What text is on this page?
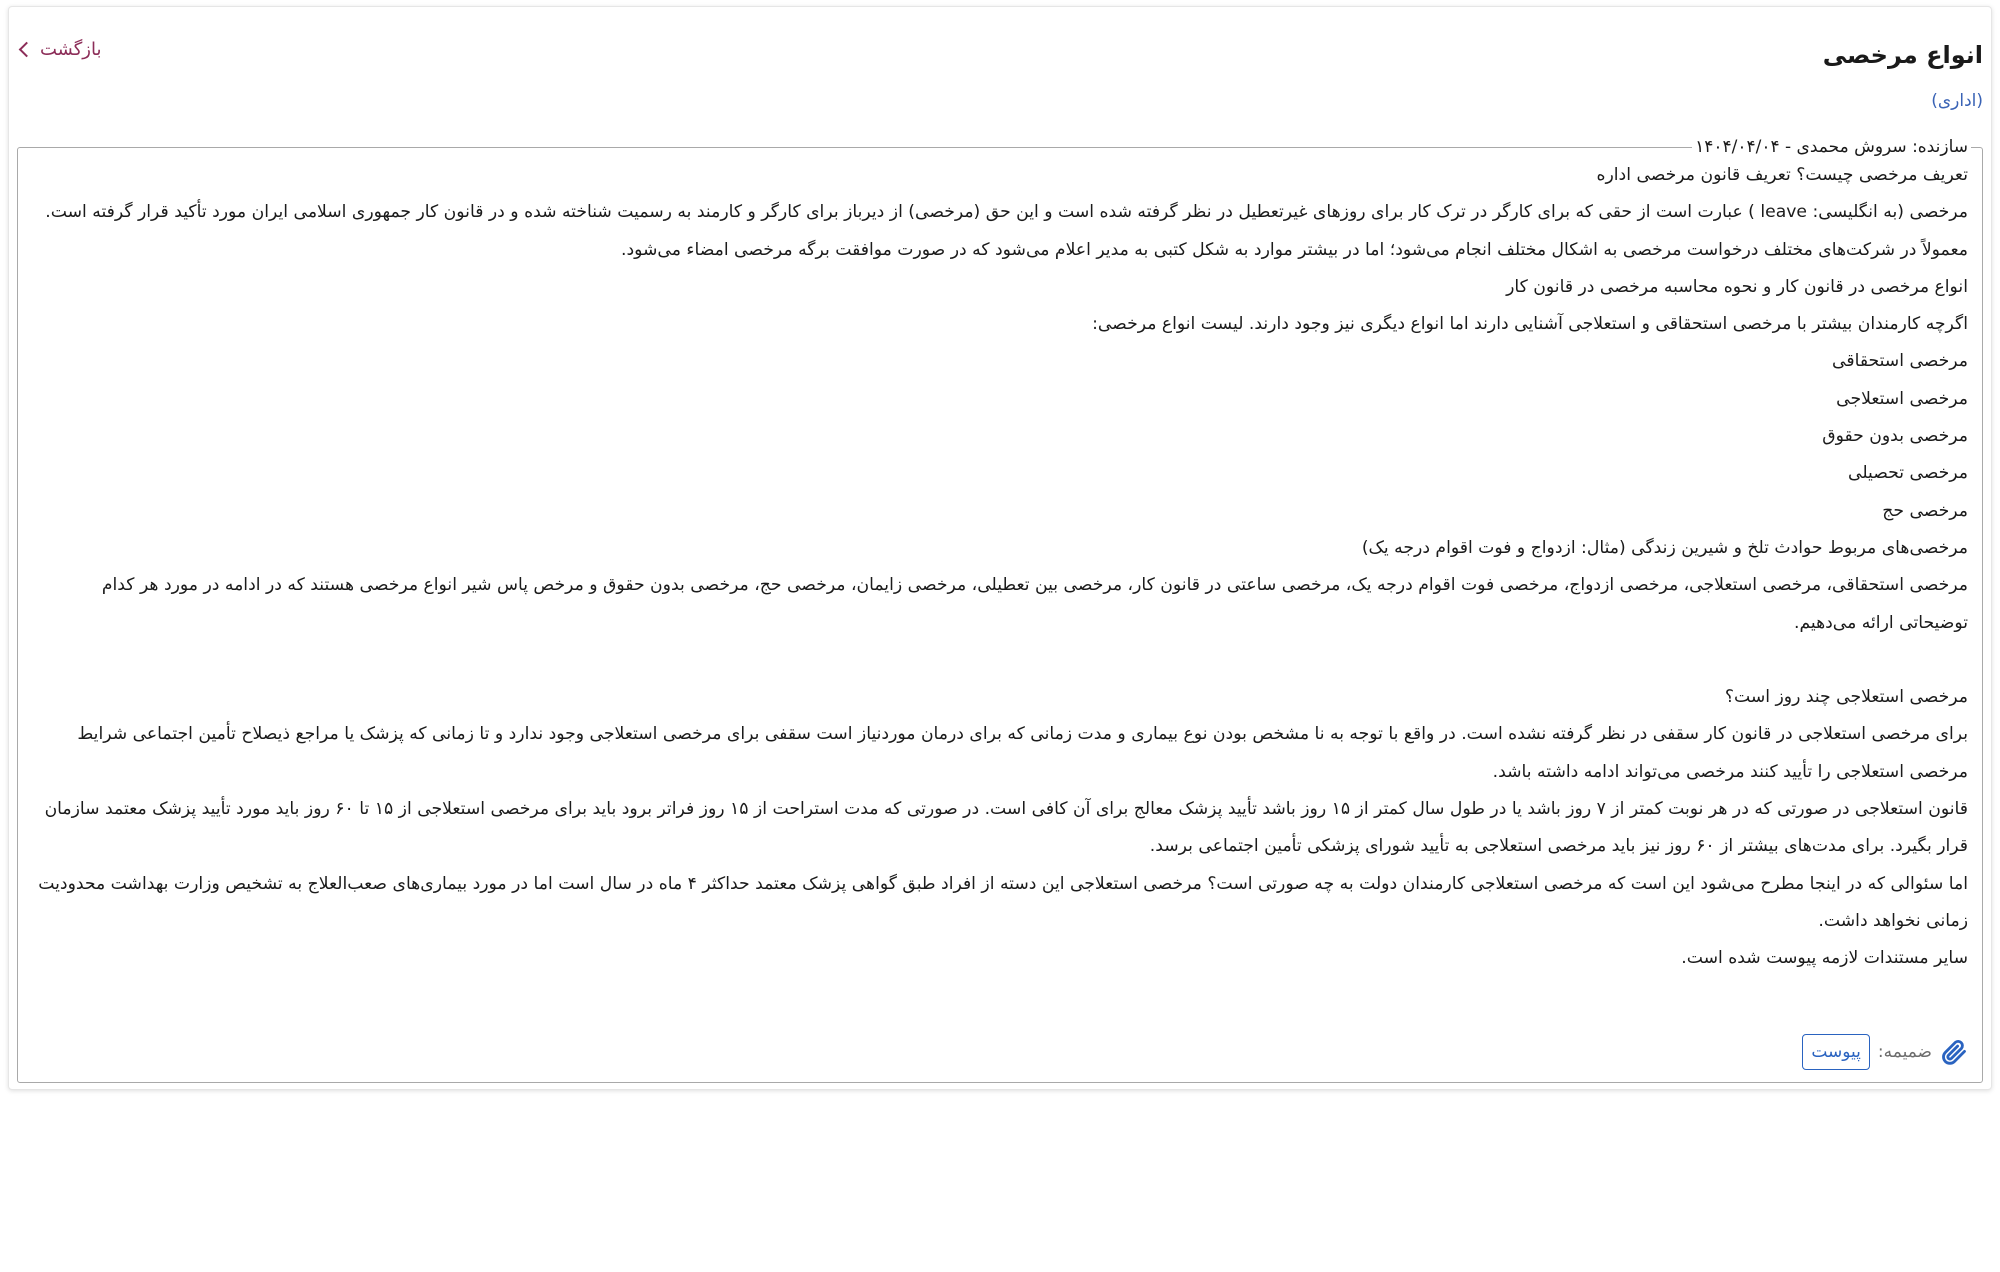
انواع مرخصی
(اداری)
بازگشت
سازنده: سروش محمدی - ۱۴۰۴/۰۴/۰۴

تعریف مرخصی چیست؟ تعریف قانون مرخصی اداره

مرخصی (به انگلیسی: leave ) عبارت است از حقی که برای کارگر در ترک کار برای روزهای غیرتعطیل در نظر گرفته شده است و این حق (مرخصی) از دیرباز برای کارگر و کارمند به رسمیت شناخته شده و در قانون کار جمهوری اسلامی ایران مورد تأکید قرار گرفته است.

معمولاً در شرکت‌های مختلف درخواست مرخصی به اشکال مختلف انجام می‌شود؛ اما در بیشتر موارد به شکل کتبی به مدیر اعلام می‌شود که در صورت موافقت برگه مرخصی امضاء می‌شود.

انواع مرخصی در قانون کار و نحوه محاسبه مرخصی در قانون کار

اگرچه کارمندان بیشتر با مرخصی استحقاقی و استعلاجی آشنایی دارند اما انواع دیگری نیز وجود دارند. لیست انواع مرخصی:

مرخصی استحقاقی

مرخصی استعلاجی

مرخصی بدون حقوق

مرخصی تحصیلی

مرخصی حج

مرخصی‌های مربوط حوادث تلخ و شیرین زندگی (مثال: ازدواج و فوت اقوام درجه یک)

مرخصی استحقاقی، مرخصی استعلاجی، مرخصی ازدواج، مرخصی فوت اقوام درجه یک، مرخصی ساعتی در قانون کار، مرخصی بین تعطیلی، مرخصی زایمان، مرخصی حج، مرخصی بدون حقوق و مرخص پاس شیر انواع مرخصی هستند که در ادامه در مورد هر کدام توضیحاتی ارائه می‌دهیم.

مرخصی استعلاجی چند روز است؟

برای مرخصی استعلاجی در قانون کار سقفی در نظر گرفته نشده است. در واقع با توجه به نا مشخص بودن نوع بیماری و مدت زمانی که برای درمان موردنیاز است سقفی برای مرخصی استعلاجی وجود ندارد و تا زمانی که پزشک یا مراجع ذیصلاح تأمین اجتماعی شرایط مرخصی استعلاجی را تأیید کنند مرخصی می‌تواند ادامه داشته باشد.

قانون استعلاجی در صورتی که در هر نوبت کمتر از ۷ روز باشد یا در طول سال کمتر از ۱۵ روز باشد تأیید پزشک معالج برای آن کافی است. در صورتی که مدت استراحت از ۱۵ روز فراتر برود باید برای مرخصی استعلاجی از ۱۵ تا ۶۰ روز باید مورد تأیید پزشک معتمد سازمان قرار بگیرد. برای مدت‌های بیشتر از ۶۰ روز نیز باید مرخصی استعلاجی به تأیید شورای پزشکی تأمین اجتماعی برسد.

اما سئوالی که در اینجا مطرح می‌شود این است که مرخصی استعلاجی کارمندان دولت به چه صورتی است؟ مرخصی استعلاجی این دسته از افراد طبق گواهی پزشک معتمد حداکثر ۴ ماه در سال است اما در مورد بیماری‌های صعب‌العلاج به تشخیص وزارت بهداشت محدودیت زمانی نخواهد داشت.

سایر مستندات لازمه پیوست شده است.

ضمیمه:
پیوست
